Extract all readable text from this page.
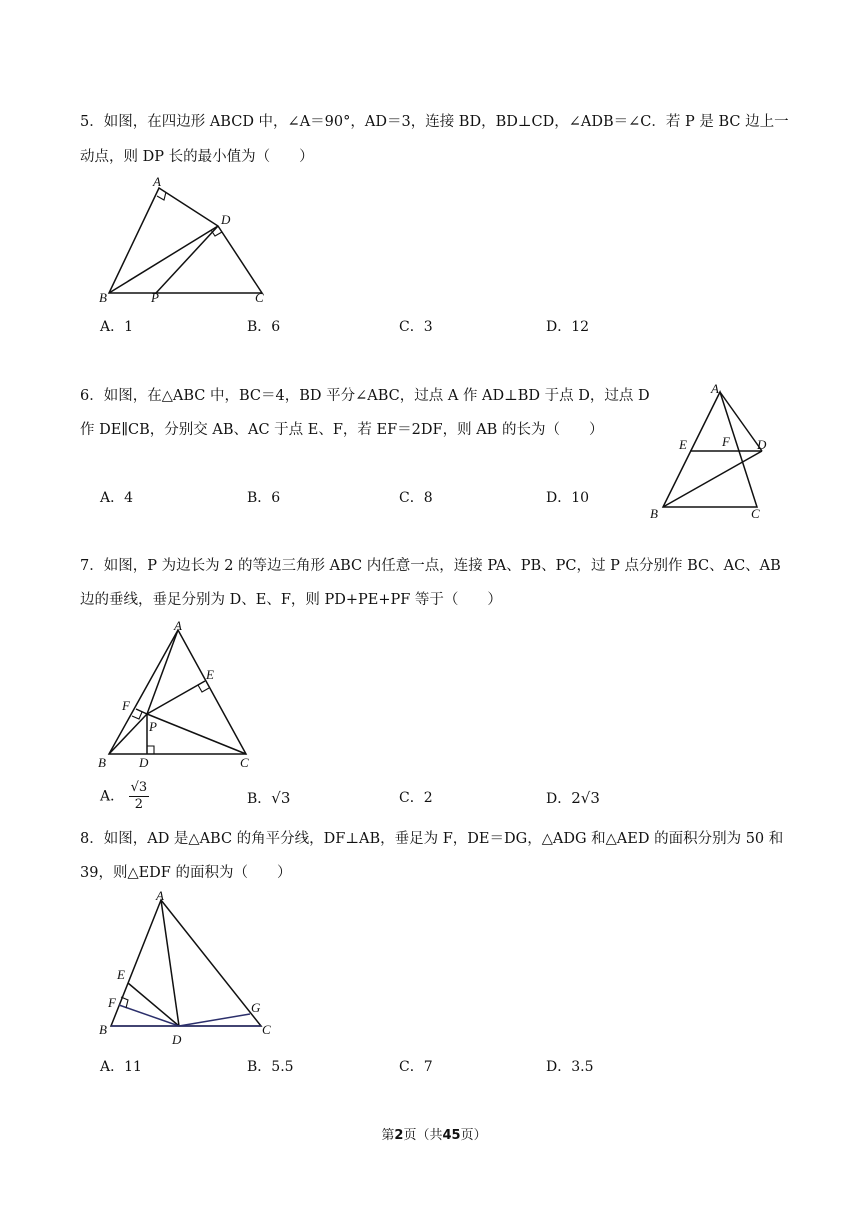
5．如图，在四边形 ABCD 中，∠A＝90°，AD＝3，连接 BD，BD⊥CD，∠ADB＝∠C．若 P 是 BC 边上一
动点，则 DP 长的最小值为（　　）
A
D
B	P	C
A．1	B．6	C．3	D．12
6．如图，在△ABC 中，BC＝4，BD 平分∠ABC，过点 A 作 AD⊥BD 于点 D，过点 D
作 DE∥CB，分别交 AB、AC 于点 E、F，若 EF＝2DF，则 AB 的长为（　　）
A
E	F D
B	C
A．4	B．6	C．8	D．10
7．如图，P 为边长为 2 的等边三角形 ABC 内任意一点，连接 PA、PB、PC，过 P 点分别作 BC、AC、AB
边的垂线，垂足分别为 D、E、F，则 PD+PE+PF 等于（　　）
A
E
F
P
B	D	C
A． $\frac{√3}{2}$	B．√3	C．2	D．2√3
8．如图，AD 是△ABC 的角平分线，DF⊥AB，垂足为 F，DE＝DG，△ADG 和△AED 的面积分别为 50 和
39，则△EDF 的面积为（　　）
A
E
F	G
B
D
C
A．11	B．5.5	C．7	D．3.5
第2页（共45页）
